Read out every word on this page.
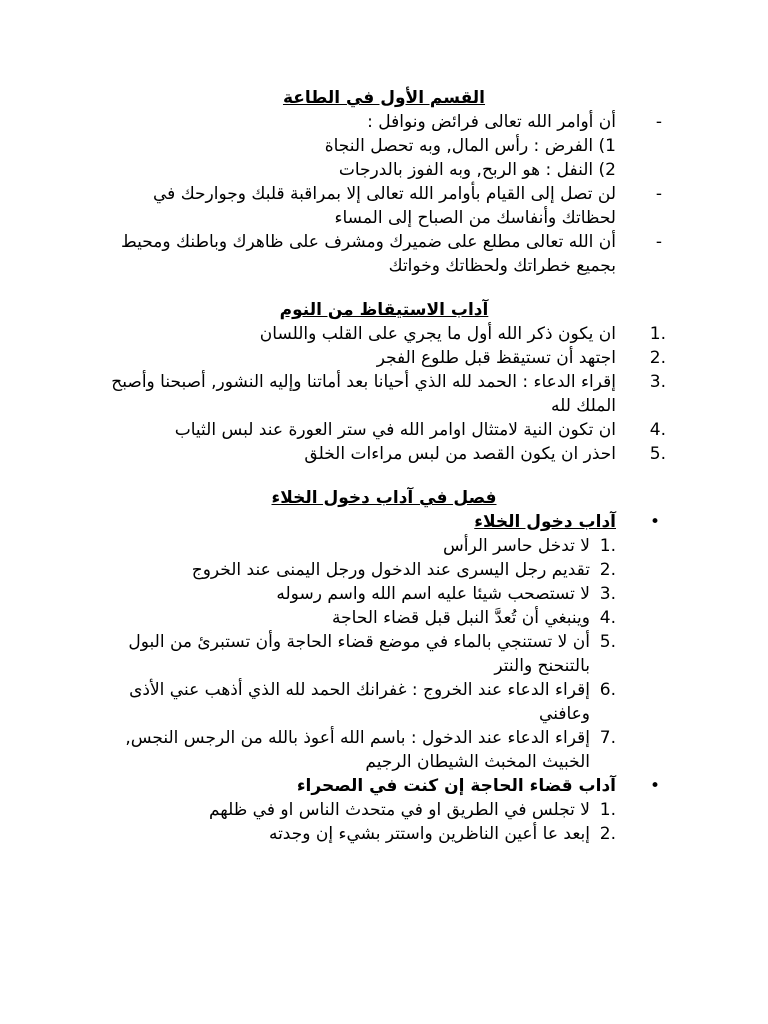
القسم الأول في الطاعة
-
أن أوامر الله تعالى فرائض ونوافل :
1) الفرض : رأس المال, وبه تحصل النجاة
2) النفل : هو الربح, وبه الفوز بالدرجات
-
لن تصل إلى القيام بأوامر الله تعالى إلا بمراقبة قلبك وجوارحك في لحظاتك وأنفاسك من الصباح إلى المساء
-
أن الله تعالى مطلع على ضميرك ومشرف على ظاهرك وباطنك ومحيط بجميع خطراتك ولحظاتك وخواتك
آداب الاستيقاظ من النوم
1.
ان يكون ذكر الله أول ما يجري على القلب واللسان
2.
اجتهد أن تستيقظ قبل طلوع الفجر
3.
إقراء الدعاء : الحمد لله الذي أحيانا بعد أماتنا وإليه النشور, أصبحنا وأصبح الملك لله
4.
ان تكون النية لامتثال اوامر الله في ستر العورة عند لبس الثياب
5.
احذر ان يكون القصد من لبس مراءات الخلق
فصل في آداب دخول الخلاء
•
آداب دخول الخلاء
1.
لا تدخل حاسر الرأس
2.
تقديم رجل اليسرى عند الدخول ورجل اليمنى عند الخروج
3.
لا تستصحب شيئا عليه اسم الله واسم رسوله
4.
وينبغي أن تُعدَّ النبل قبل قضاء الحاجة
5.
أن لا تستنجي بالماء في موضع قضاء الحاجة وأن تستبرئ من البول بالتنحنح والنتر
6.
إقراء الدعاء عند الخروج : غفرانك الحمد لله الذي أذهب عني الأذى وعافني
7.
إقراء الدعاء عند الدخول : باسم الله أعوذ بالله من الرجس النجس, الخبيث المخبث الشيطان الرجيم
•
آداب قضاء الحاجة إن كنت في الصحراء
1.
لا تجلس في الطريق او في متحدث الناس او في ظلهم
2.
إبعد عا أعين الناظرين واستتر بشيء إن وجدته
